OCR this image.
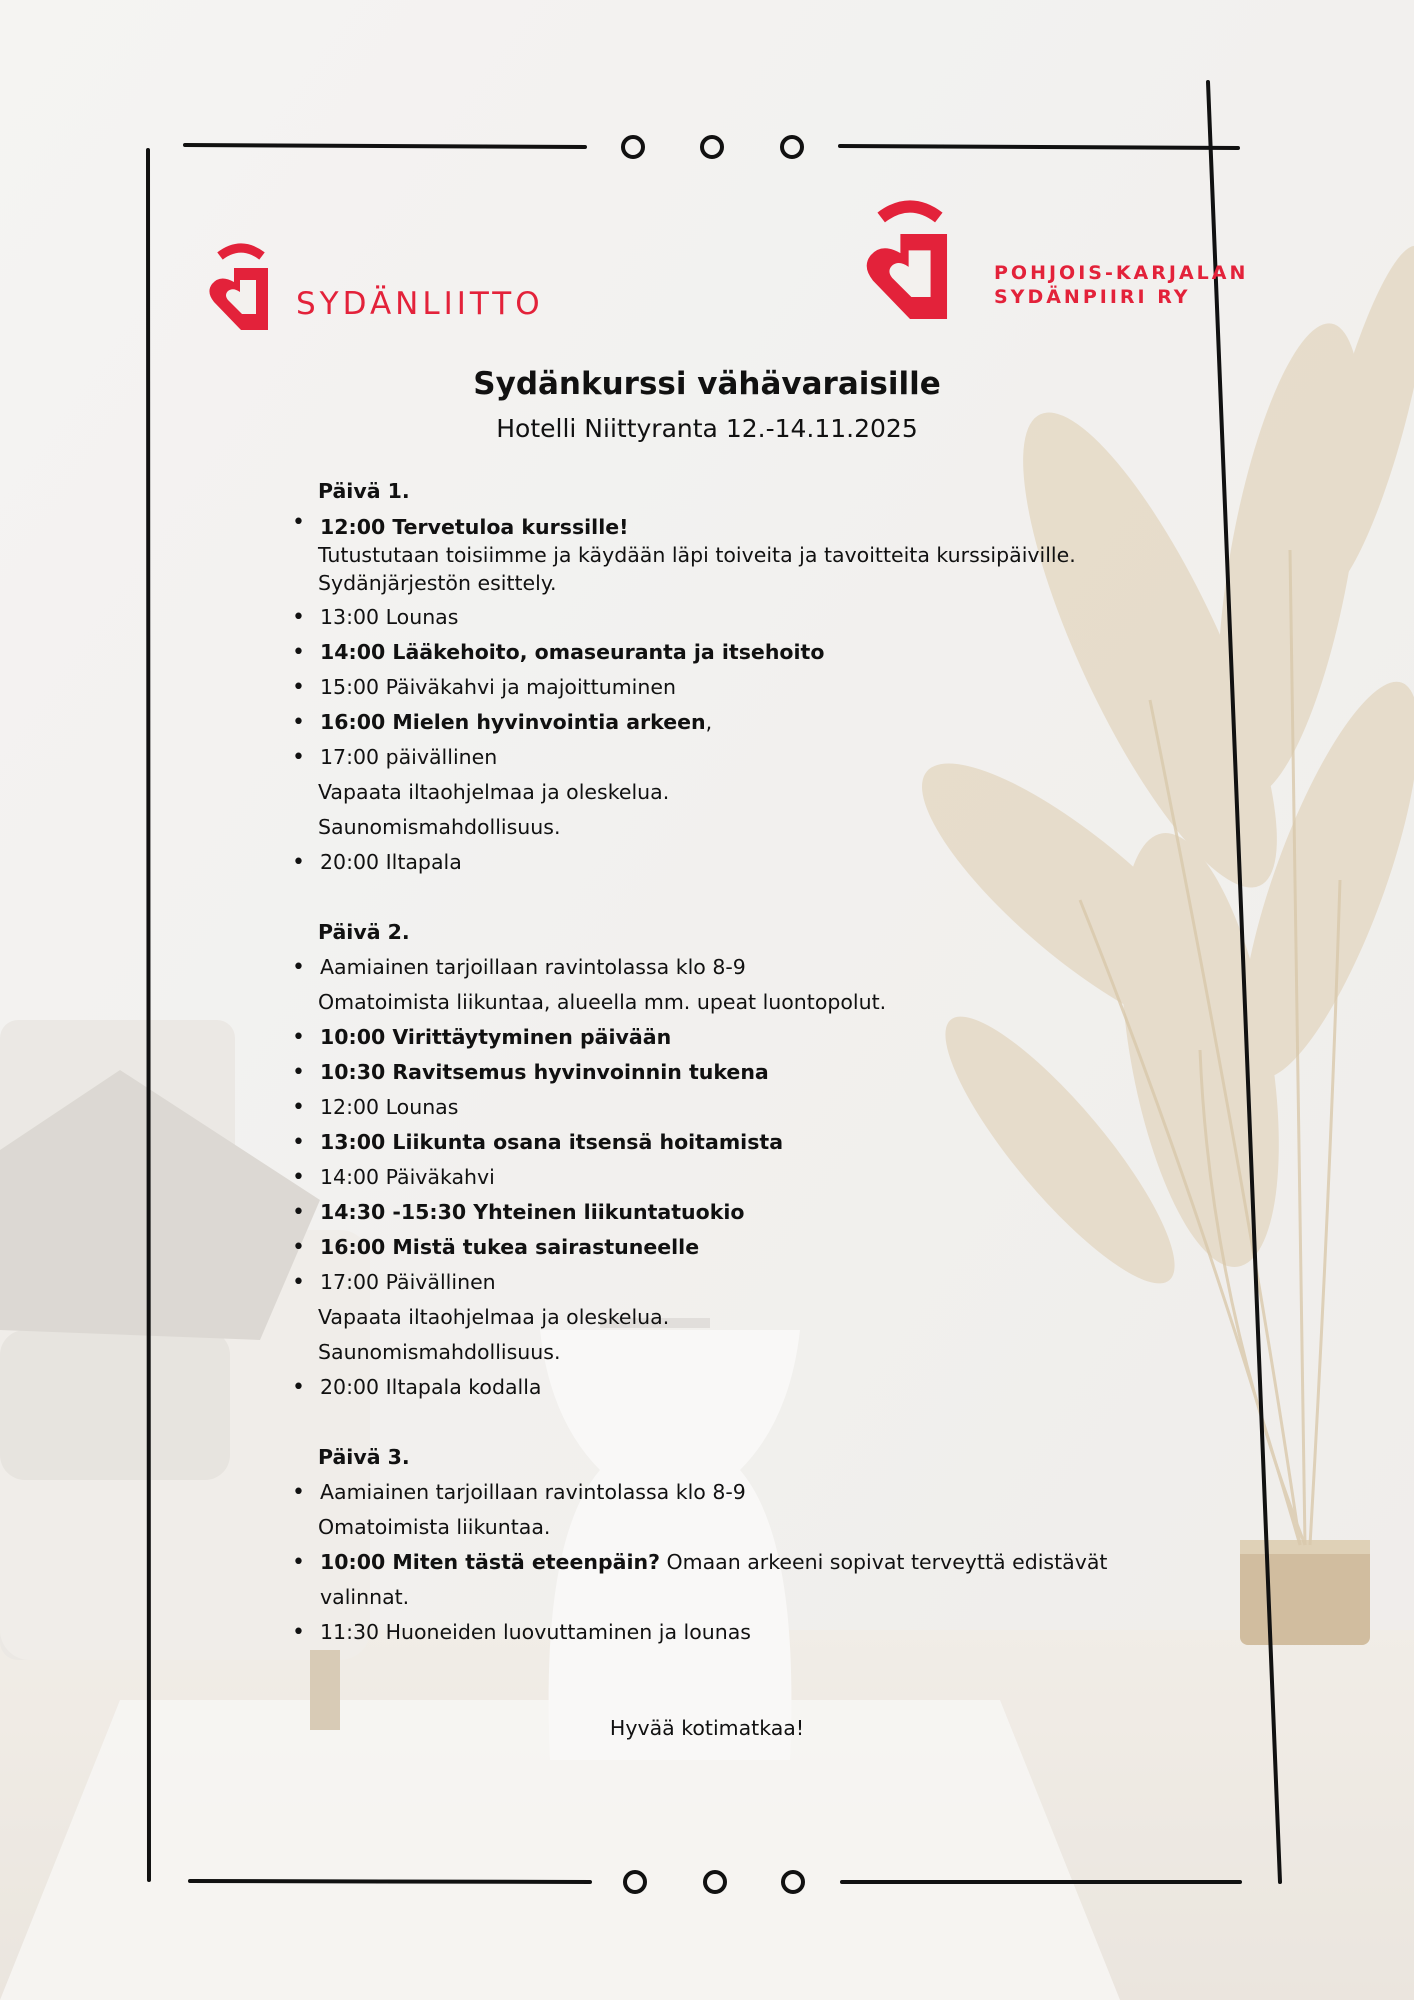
SYDÄNLIITTO
POHJOIS-KARJALAN
SYDÄNPIIRI RY
Sydänkurssi vähävaraisille
Hotelli Niittyranta 12.-14.11.2025
Päivä 1.
• 12:00 Tervetuloa kurssille!
Tutustutaan toisiimme ja käydään läpi toiveita ja tavoitteita kurssipäiville.
Sydänjärjestön esittely.
• 13:00 Lounas
• 14:00 Lääkehoito, omaseuranta ja itsehoito
• 15:00 Päiväkahvi ja majoittuminen
• 16:00 Mielen hyvinvointia arkeen,
• 17:00 päivällinen
Vapaata iltaohjelmaa ja oleskelua.
Saunomismahdollisuus.
• 20:00 Iltapala
Päivä 2.
• Aamiainen tarjoillaan ravintolassa klo 8-9
Omatoimista liikuntaa, alueella mm. upeat luontopolut.
• 10:00 Virittäytyminen päivään
• 10:30 Ravitsemus hyvinvoinnin tukena
• 12:00 Lounas
• 13:00 Liikunta osana itsensä hoitamista
• 14:00 Päiväkahvi
• 14:30 -15:30 Yhteinen liikuntatuokio
• 16:00 Mistä tukea sairastuneelle
• 17:00 Päivällinen
Vapaata iltaohjelmaa ja oleskelua.
Saunomismahdollisuus.
• 20:00 Iltapala kodalla
Päivä 3.
• Aamiainen tarjoillaan ravintolassa klo 8-9
Omatoimista liikuntaa.
• 10:00 Miten tästä eteenpäin? Omaan arkeeni sopivat terveyttä edistävät
valinnat.
• 11:30 Huoneiden luovuttaminen ja lounas
Hyvää kotimatkaa!
